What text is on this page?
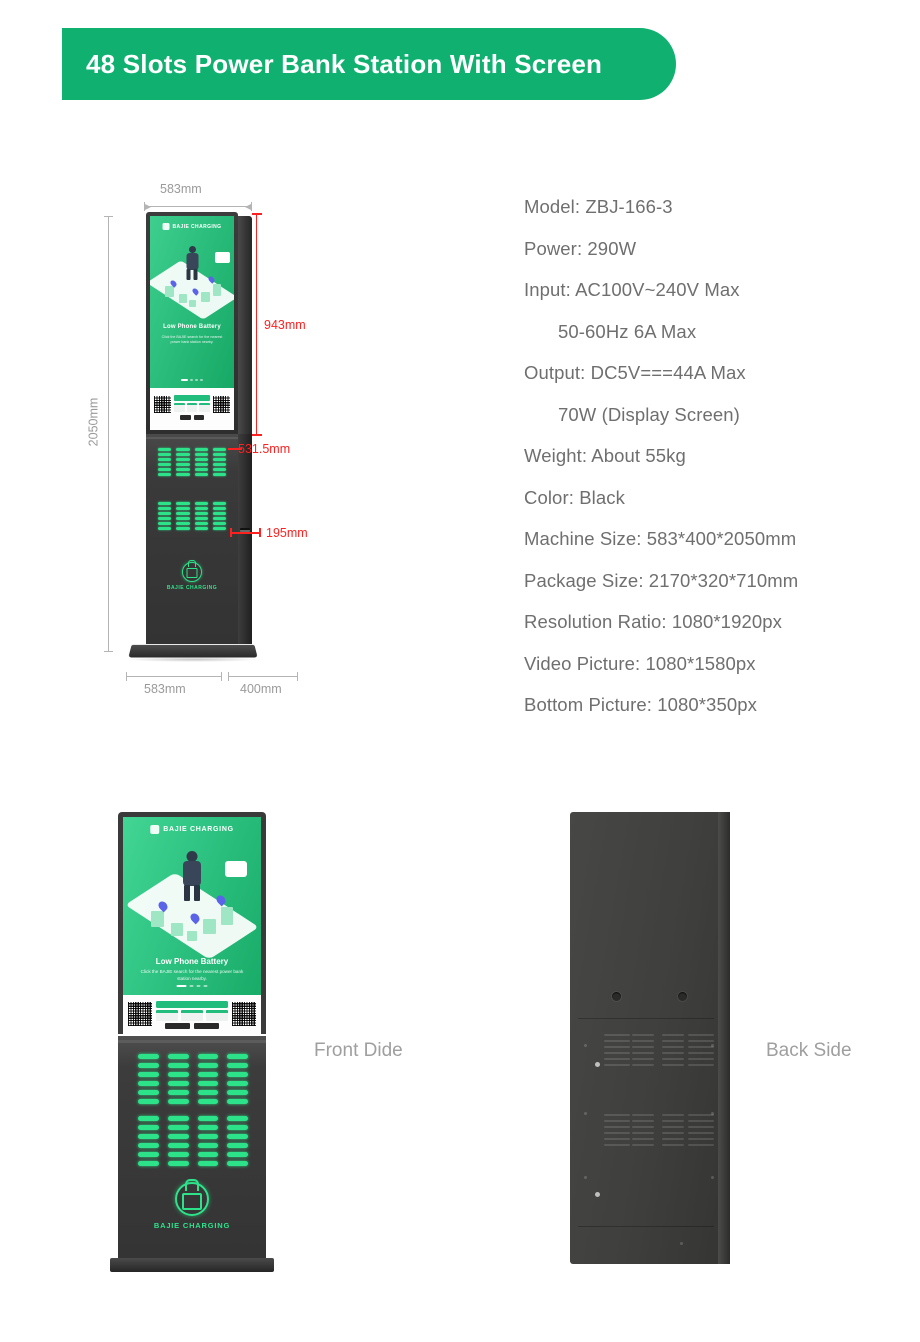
48 Slots Power Bank Station With Screen
Model: ZBJ-166-3
Power: 290W
Input: AC100V~240V Max
50-60Hz 6A Max
Output: DC5V===44A Max
70W (Display Screen)
Weight: About 55kg
Color: Black
Machine Size: 583*400*2050mm
Package Size: 2170*320*710mm
Resolution Ratio: 1080*1920px
Video Picture: 1080*1580px
Bottom Picture: 1080*350px
583mm
2050mm
BAJIE CHARGING
Low Phone Battery
Click the BAJIE search for the nearest power bank station nearby.
BAJIE CHARGING
943mm
531.5mm
195mm
583mm	400mm
BAJIE CHARGING
Low Phone Battery
Click the BAJIE search for the nearest power bank station nearby.
BAJIE CHARGING
Front Dide	Back Side
